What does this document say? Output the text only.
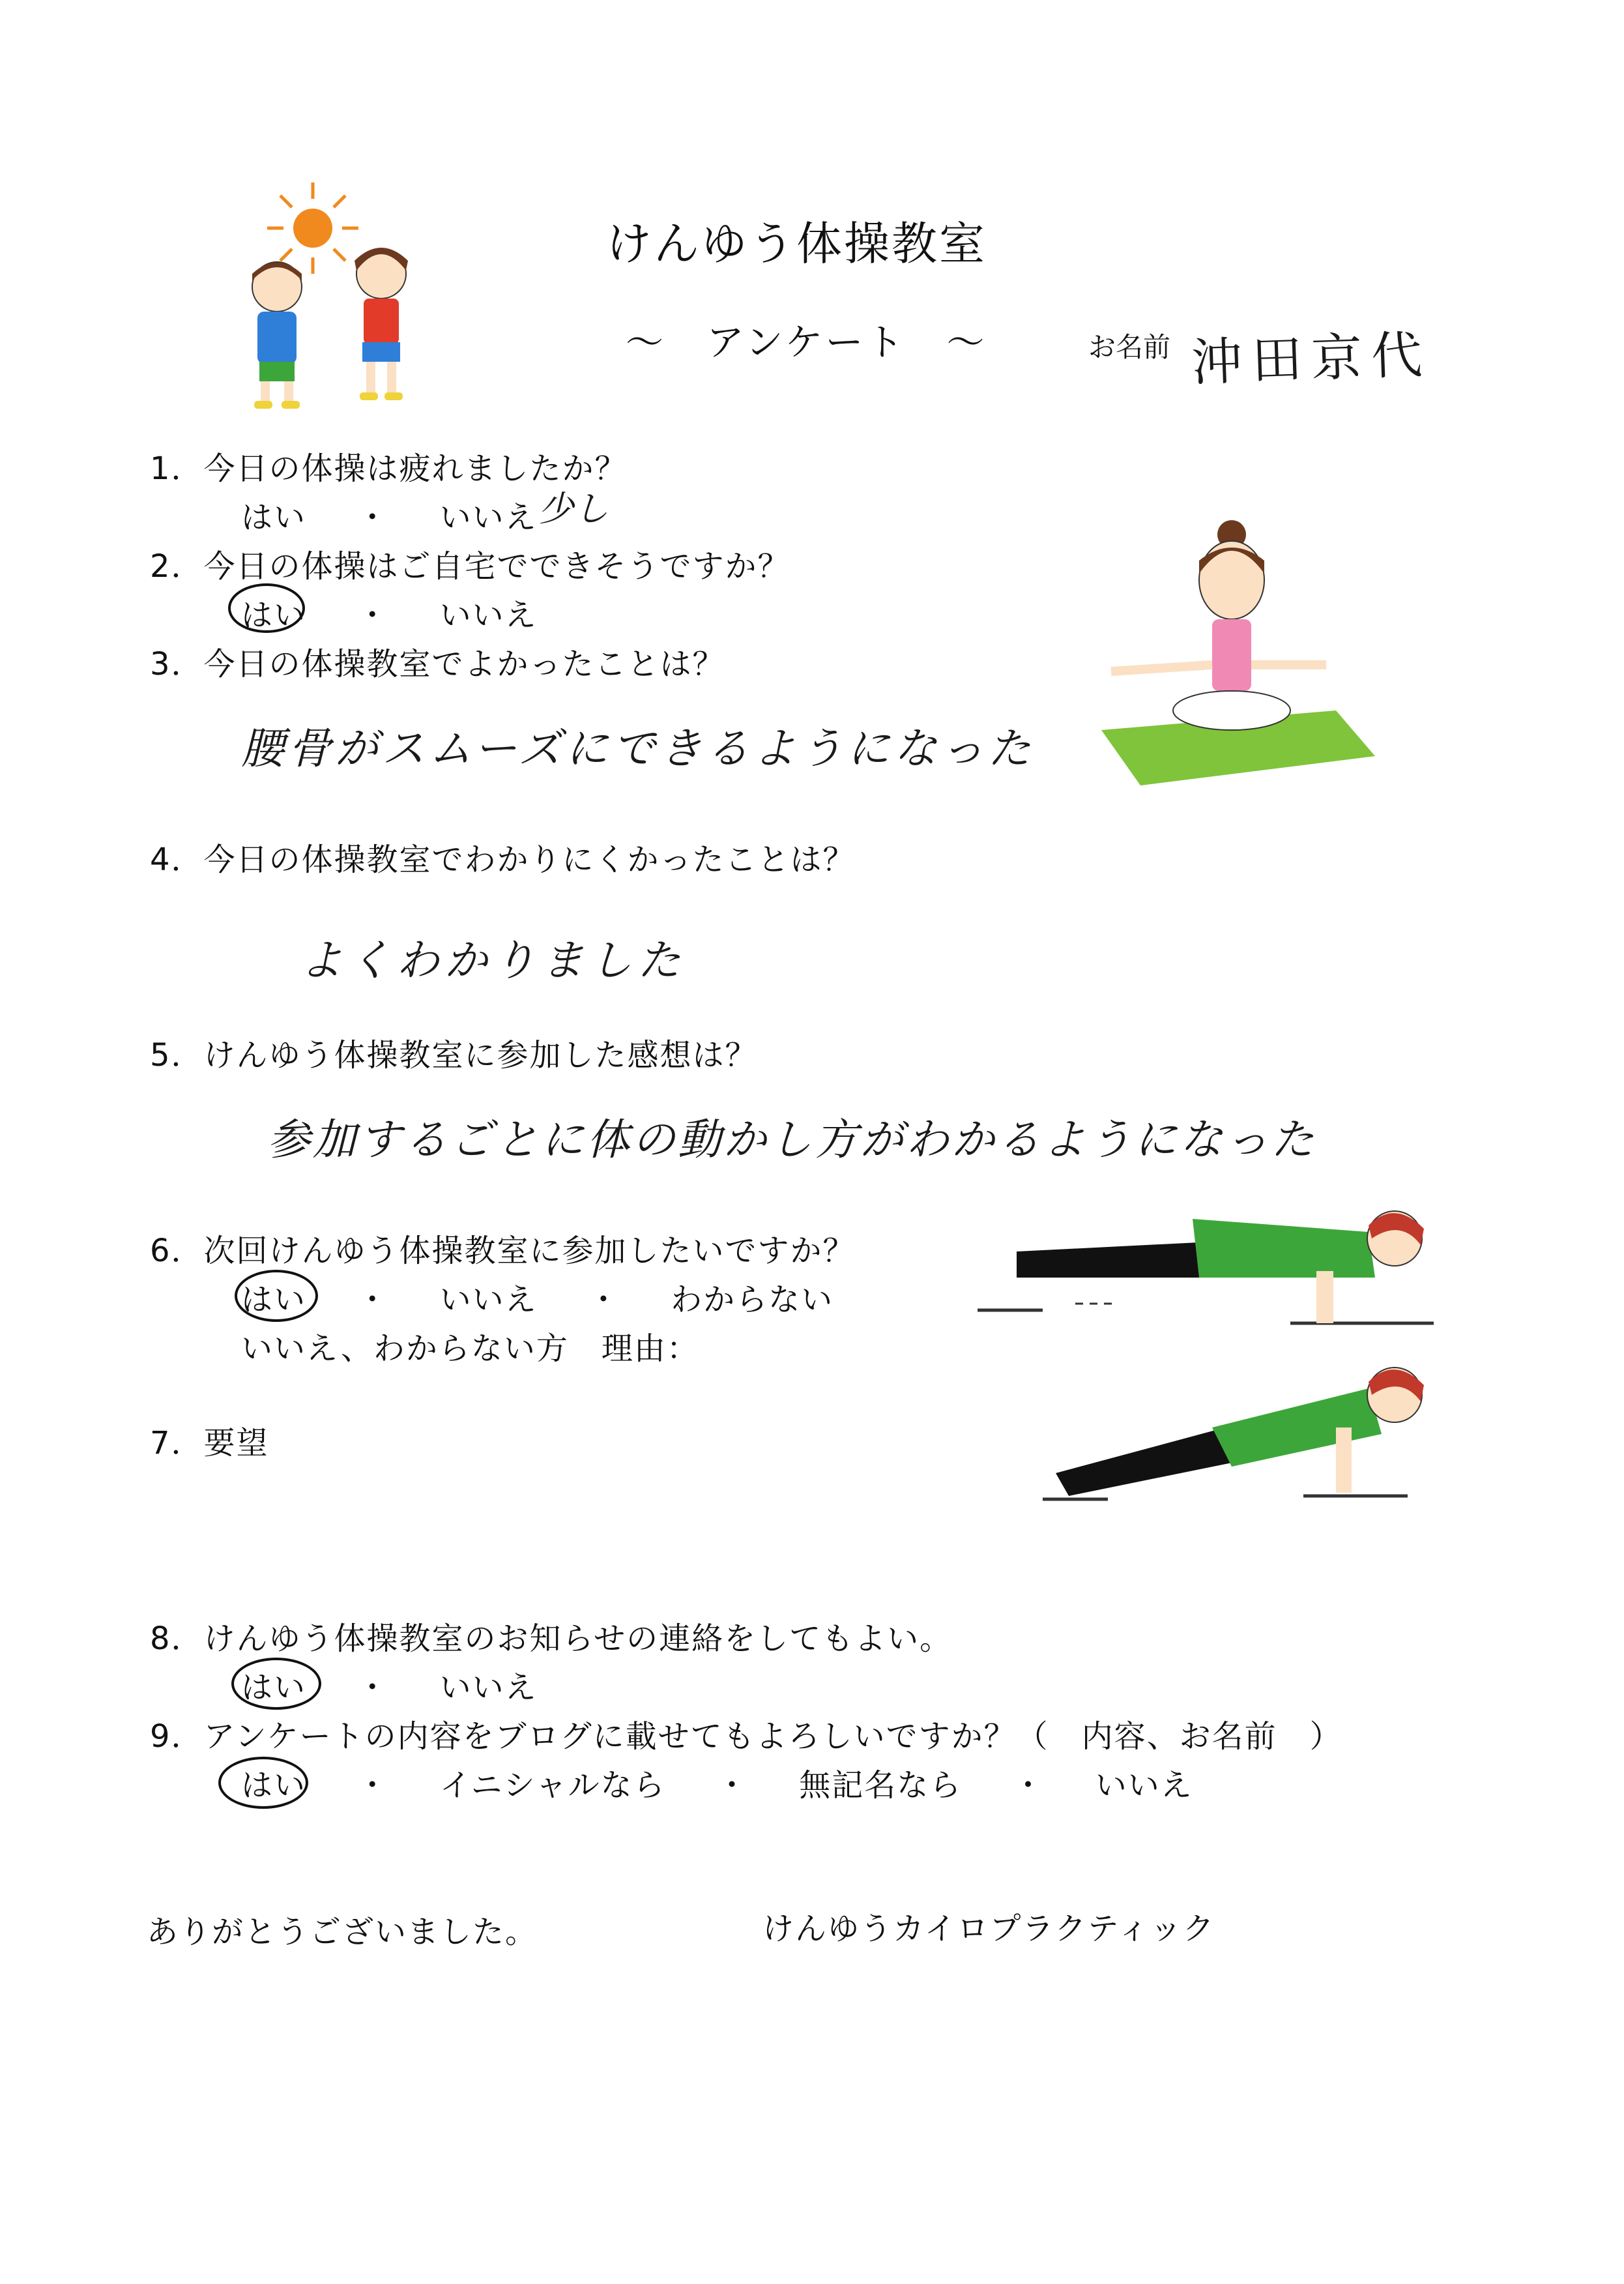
けんゆう体操教室
～　アンケート　～	お名前 沖田京代
1．今日の体操は疲れましたか？
はい ・ いいえ 少し
2．今日の体操はご自宅でできそうですか？
はい ・ いいえ
3．今日の体操教室でよかったことは？
腰骨がスムーズにできるようになった
4．今日の体操教室でわかりにくかったことは？
よくわかりました
5．けんゆう体操教室に参加した感想は？
参加するごとに体の動かし方がわかるようになった
6．次回けんゆう体操教室に参加したいですか？
はい ・ いいえ ・ わからない
いいえ、わからない方　理由：
7．要望
8．けんゆう体操教室のお知らせの連絡をしてもよい。
はい ・ いいえ
9．アンケートの内容をブログに載せてもよろしいですか？（　内容、お名前　）
はい ・ イニシャルなら ・ 無記名なら ・ いいえ
ありがとうございました。	けんゆうカイロプラクティック
